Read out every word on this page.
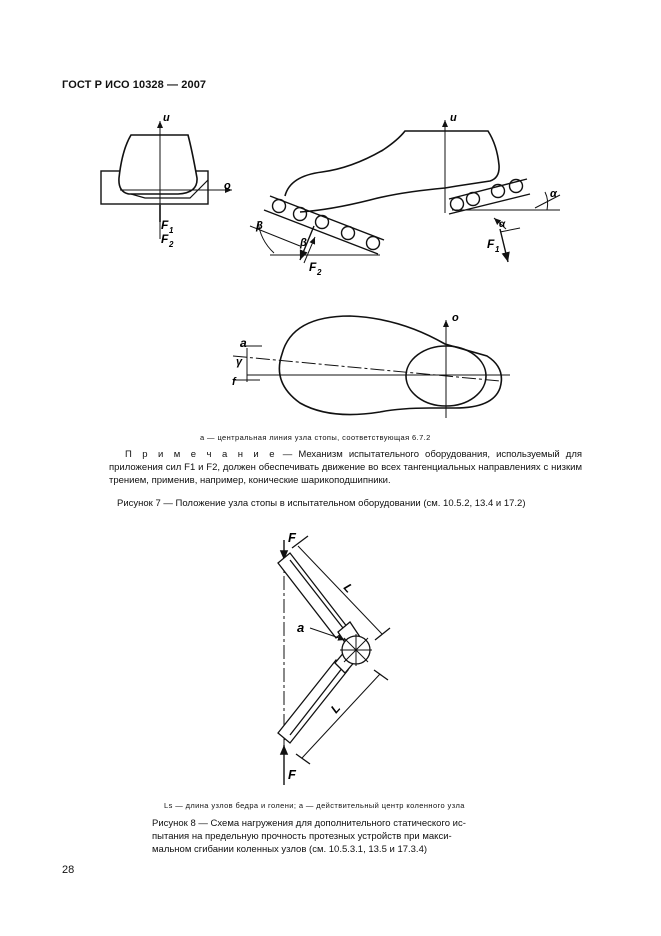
ГОСТ Р ИСО 10328 — 2007
u
o
F 1
F 2
u
β
β
F 2
α
α
F 1
o
a
γ
f
a — центральная линия узла стопы, соответствующая 6.7.2
П р и м е ч а н и е — Механизм испытательного оборудования, используемый для приложения сил F1 и F2, должен обеспечивать движение во всех тангенциальных направлениях с низким трением, применив, например, конические шарикоподшипники.
Рисунок 7 — Положение узла стопы в испытательном оборудовании (см. 10.5.2, 13.4 и 17.2)
F
F
a
L
L
Ls — длина узлов бедра и голени; a — действительный центр коленного узла
Рисунок 8 — Схема нагружения для дополнительного статического ис-
пытания на предельную прочность протезных устройств при макси-
мальном сгибании коленных узлов (см. 10.5.3.1, 13.5 и 17.3.4)
28
